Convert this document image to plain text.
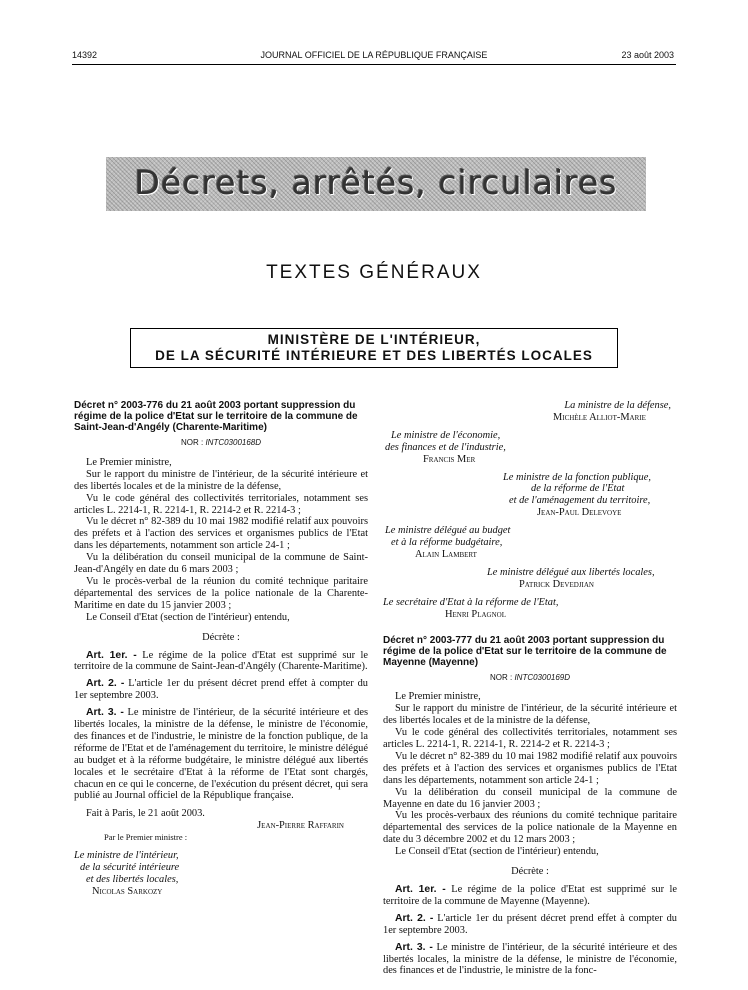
14392	JOURNAL OFFICIEL DE LA RÉPUBLIQUE FRANÇAISE	23 août 2003
Décrets, arrêtés, circulaires
TEXTES GÉNÉRAUX
MINISTÈRE DE L'INTÉRIEUR,
DE LA SÉCURITÉ INTÉRIEURE ET DES LIBERTÉS LOCALES
Décret n° 2003-776 du 21 août 2003 portant suppression du régime de la police d'Etat sur le territoire de la commune de Saint-Jean-d'Angély (Charente-Maritime)
NOR : INTC0300168D

Le Premier ministre,

Sur le rapport du ministre de l'intérieur, de la sécurité intérieure et des libertés locales et de la ministre de la défense,

Vu le code général des collectivités territoriales, notamment ses articles L. 2214-1, R. 2214-1, R. 2214-2 et R. 2214-3 ;

Vu le décret n° 82-389 du 10 mai 1982 modifié relatif aux pouvoirs des préfets et à l'action des services et organismes publics de l'Etat dans les départements, notamment son article 24-1 ;

Vu la délibération du conseil municipal de la commune de Saint-Jean-d'Angély en date du 6 mars 2003 ;

Vu le procès-verbal de la réunion du comité technique paritaire départemental des services de la police nationale de la Charente-Maritime en date du 15 janvier 2003 ;

Le Conseil d'Etat (section de l'intérieur) entendu,

Décrète :

Art. 1er. - Le régime de la police d'Etat est supprimé sur le territoire de la commune de Saint-Jean-d'Angély (Charente-Maritime).

Art. 2. - L'article 1er du présent décret prend effet à compter du 1er septembre 2003.

Art. 3. - Le ministre de l'intérieur, de la sécurité intérieure et des libertés locales, la ministre de la défense, le ministre de l'économie, des finances et de l'industrie, le ministre de la fonction publique, de la réforme de l'Etat et de l'aménagement du territoire, le ministre délégué au budget et à la réforme budgétaire, le ministre délégué aux libertés locales et le secrétaire d'Etat à la réforme de l'Etat sont chargés, chacun en ce qui le concerne, de l'exécution du présent décret, qui sera publié au Journal officiel de la République française.

Fait à Paris, le 21 août 2003.

Jean-Pierre Raffarin
Par le Premier ministre :
Le ministre de l'intérieur,
de la sécurité intérieure
et des libertés locales,
Nicolas Sarkozy
La ministre de la défense,
Michèle Alliot-Marie
Le ministre de l'économie,
des finances et de l'industrie,
Francis Mer
Le ministre de la fonction publique,
de la réforme de l'Etat
et de l'aménagement du territoire,
Jean-Paul Delevoye
Le ministre délégué au budget
et à la réforme budgétaire,
Alain Lambert
Le ministre délégué aux libertés locales,
Patrick Devedjian
Le secrétaire d'Etat à la réforme de l'Etat,
Henri Plagnol
Décret n° 2003-777 du 21 août 2003 portant suppression du régime de la police d'Etat sur le territoire de la commune de Mayenne (Mayenne)
NOR : INTC0300169D

Le Premier ministre,

Sur le rapport du ministre de l'intérieur, de la sécurité intérieure et des libertés locales et de la ministre de la défense,

Vu le code général des collectivités territoriales, notamment ses articles L. 2214-1, R. 2214-1, R. 2214-2 et R. 2214-3 ;

Vu le décret n° 82-389 du 10 mai 1982 modifié relatif aux pouvoirs des préfets et à l'action des services et organismes publics de l'Etat dans les départements, notamment son article 24-1 ;

Vu la délibération du conseil municipal de la commune de Mayenne en date du 16 janvier 2003 ;

Vu les procès-verbaux des réunions du comité technique paritaire départemental des services de la police nationale de la Mayenne en date du 3 décembre 2002 et du 12 mars 2003 ;

Le Conseil d'Etat (section de l'intérieur) entendu,

Décrète :

Art. 1er. - Le régime de la police d'Etat est supprimé sur le territoire de la commune de Mayenne (Mayenne).

Art. 2. - L'article 1er du présent décret prend effet à compter du 1er septembre 2003.

Art. 3. - Le ministre de l'intérieur, de la sécurité intérieure et des libertés locales, la ministre de la défense, le ministre de l'économie, des finances et de l'industrie, le ministre de la fonc-
